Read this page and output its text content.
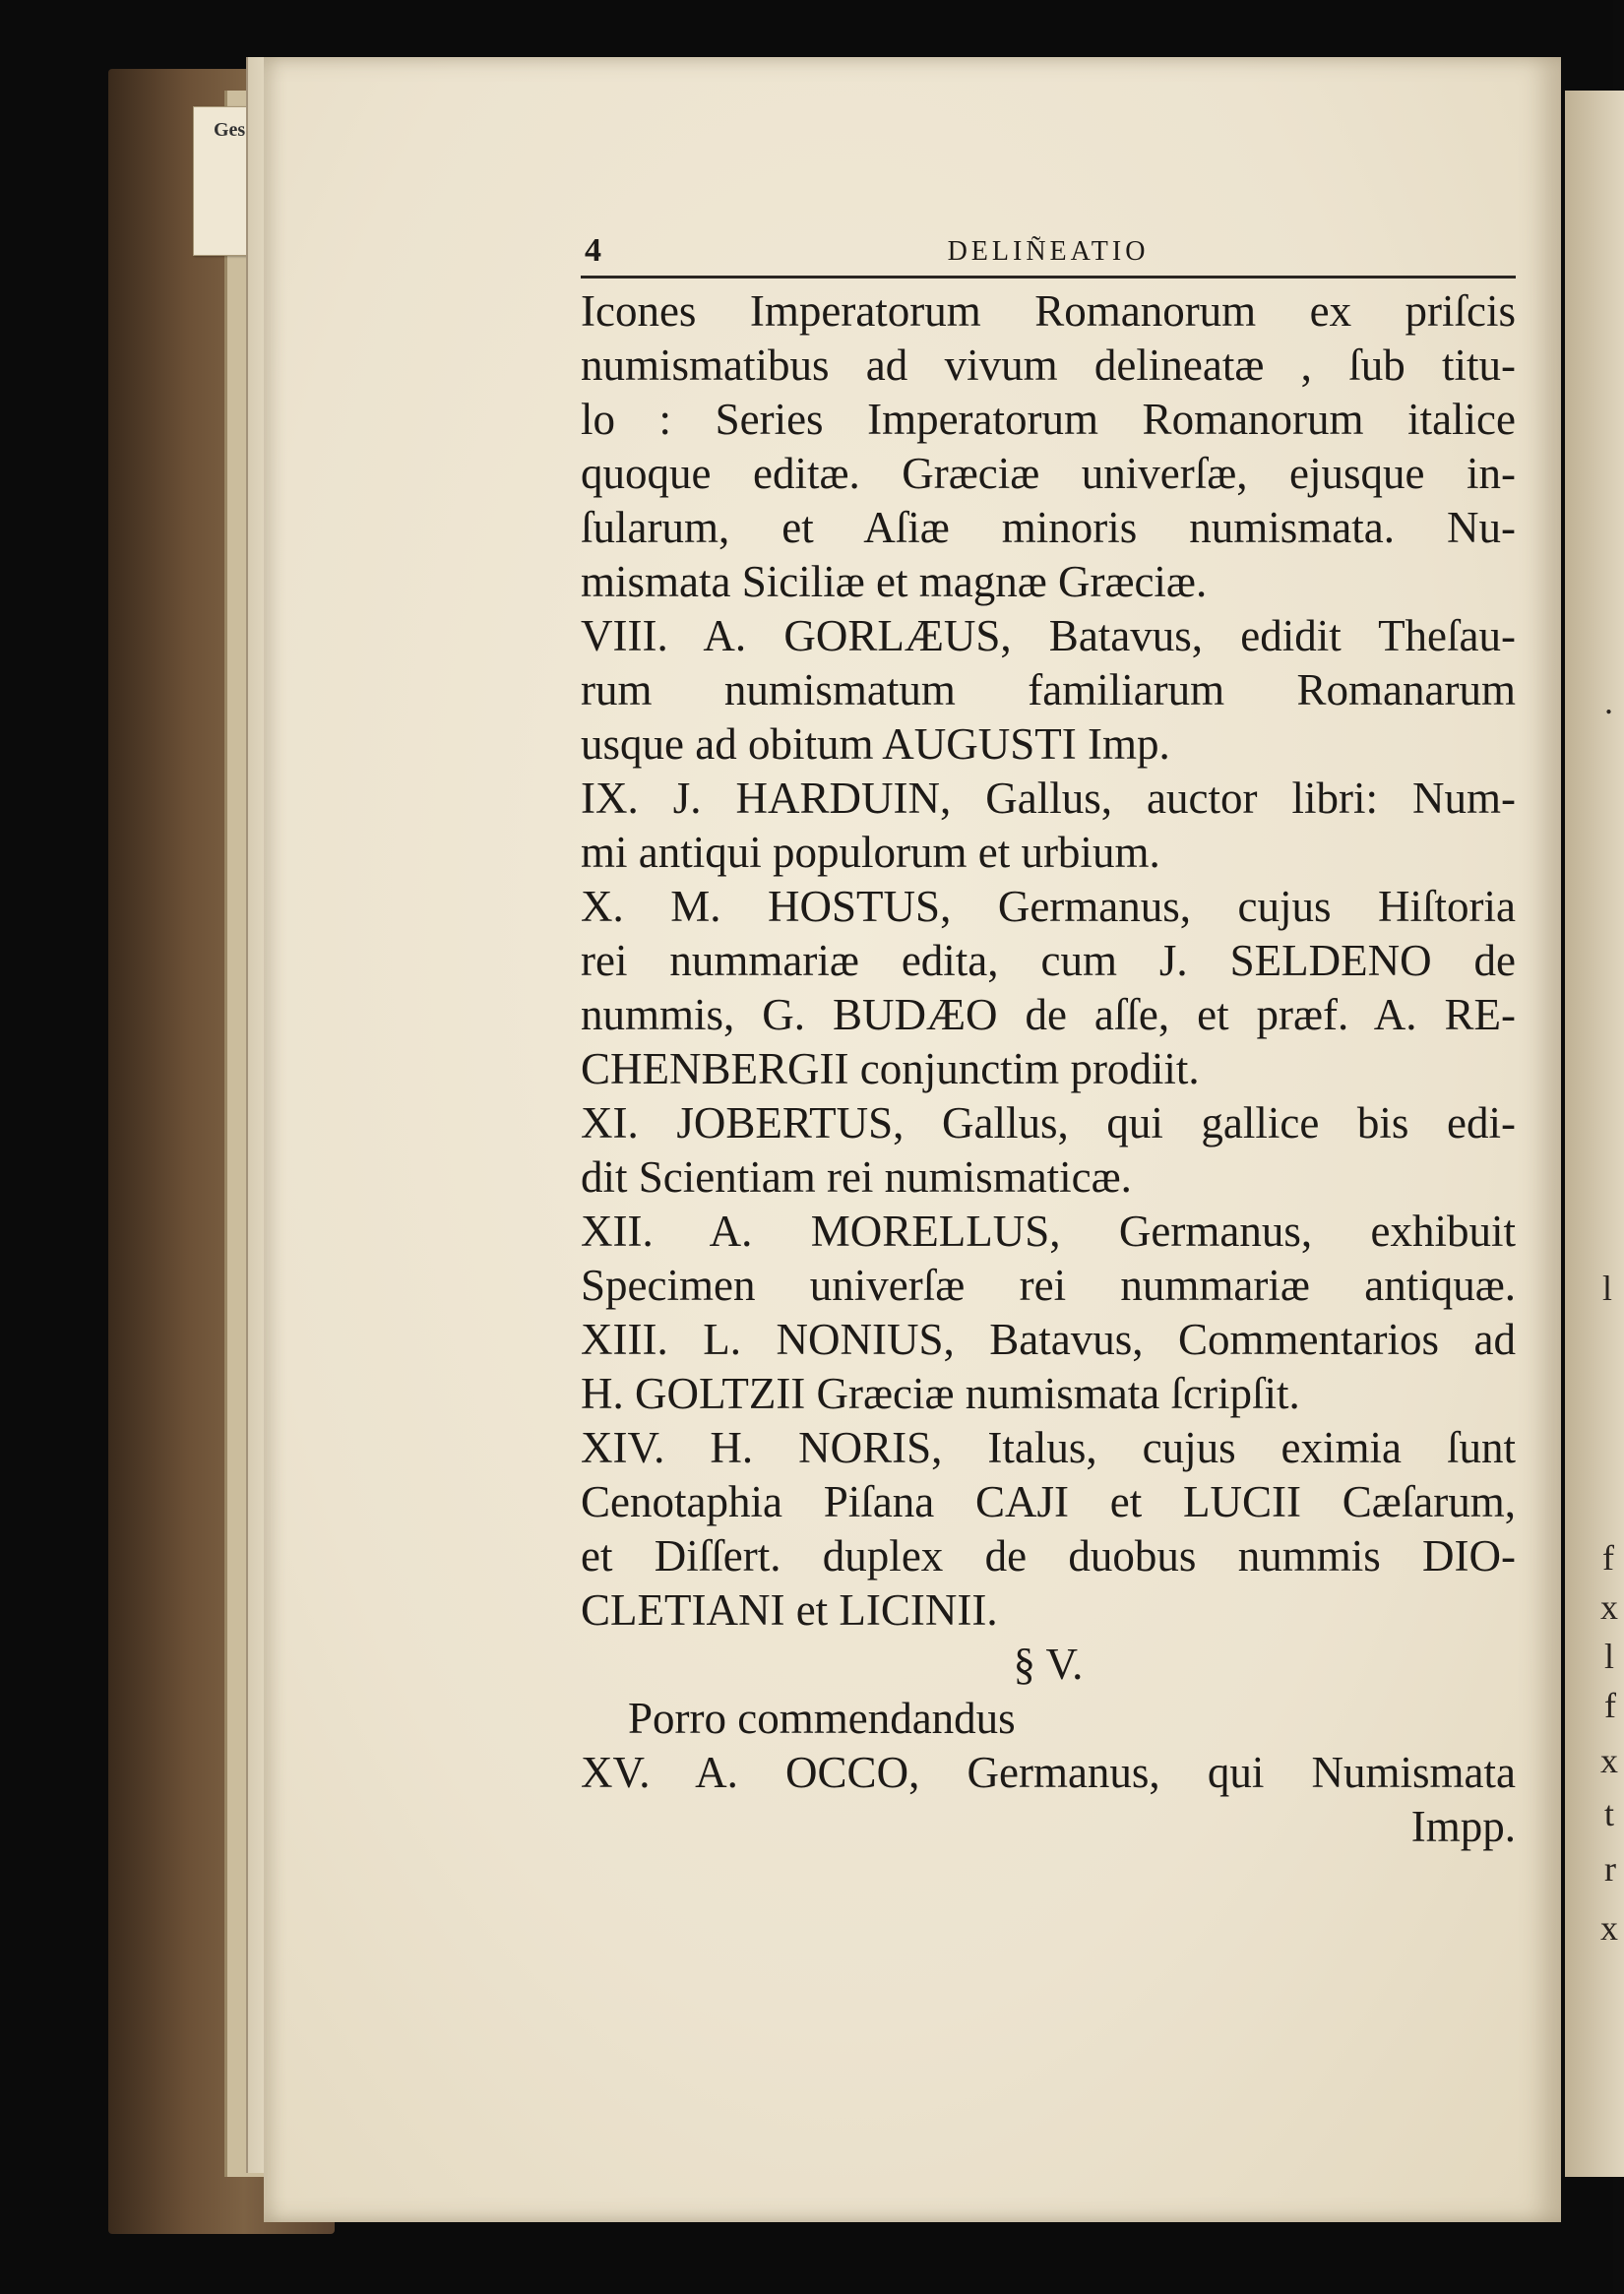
Ges
.
l
f
x
l
f
x
t
r
x
4	DELIÑEATIO
Icones Imperatorum Romanorum ex priſcis
numismatibus ad vivum delineatæ , ſub titu-
lo : Series Imperatorum Romanorum italice
quoque editæ. Græciæ univerſæ, ejusque in-
ſularum, et Aſiæ minoris numismata. Nu-
mismata Siciliæ et magnæ Græciæ.
VIII. A. GORLÆUS, Batavus, edidit Theſau-
rum numismatum familiarum Romanarum
usque ad obitum AUGUSTI Imp.
IX. J. HARDUIN, Gallus, auctor libri: Num-
mi antiqui populorum et urbium.
X. M. HOSTUS, Germanus, cujus Hiſtoria
rei nummariæ edita, cum J. SELDENO de
nummis, G. BUDÆO de aſſe, et præf. A. RE-
CHENBERGII conjunctim prodiit.
XI. JOBERTUS, Gallus, qui gallice bis edi-
dit Scientiam rei numismaticæ.
XII. A. MORELLUS, Germanus, exhibuit
Specimen univerſæ rei nummariæ antiquæ.
XIII. L. NONIUS, Batavus, Commentarios ad
H. GOLTZII Græciæ numismata ſcripſit.
XIV. H. NORIS, Italus, cujus eximia ſunt
Cenotaphia Piſana CAJI et LUCII Cæſarum,
et Diſſert. duplex de duobus nummis DIO-
CLETIANI et LICINII.
§ V.
Porro commendandus
XV. A. OCCO, Germanus, qui Numismata
Impp.
